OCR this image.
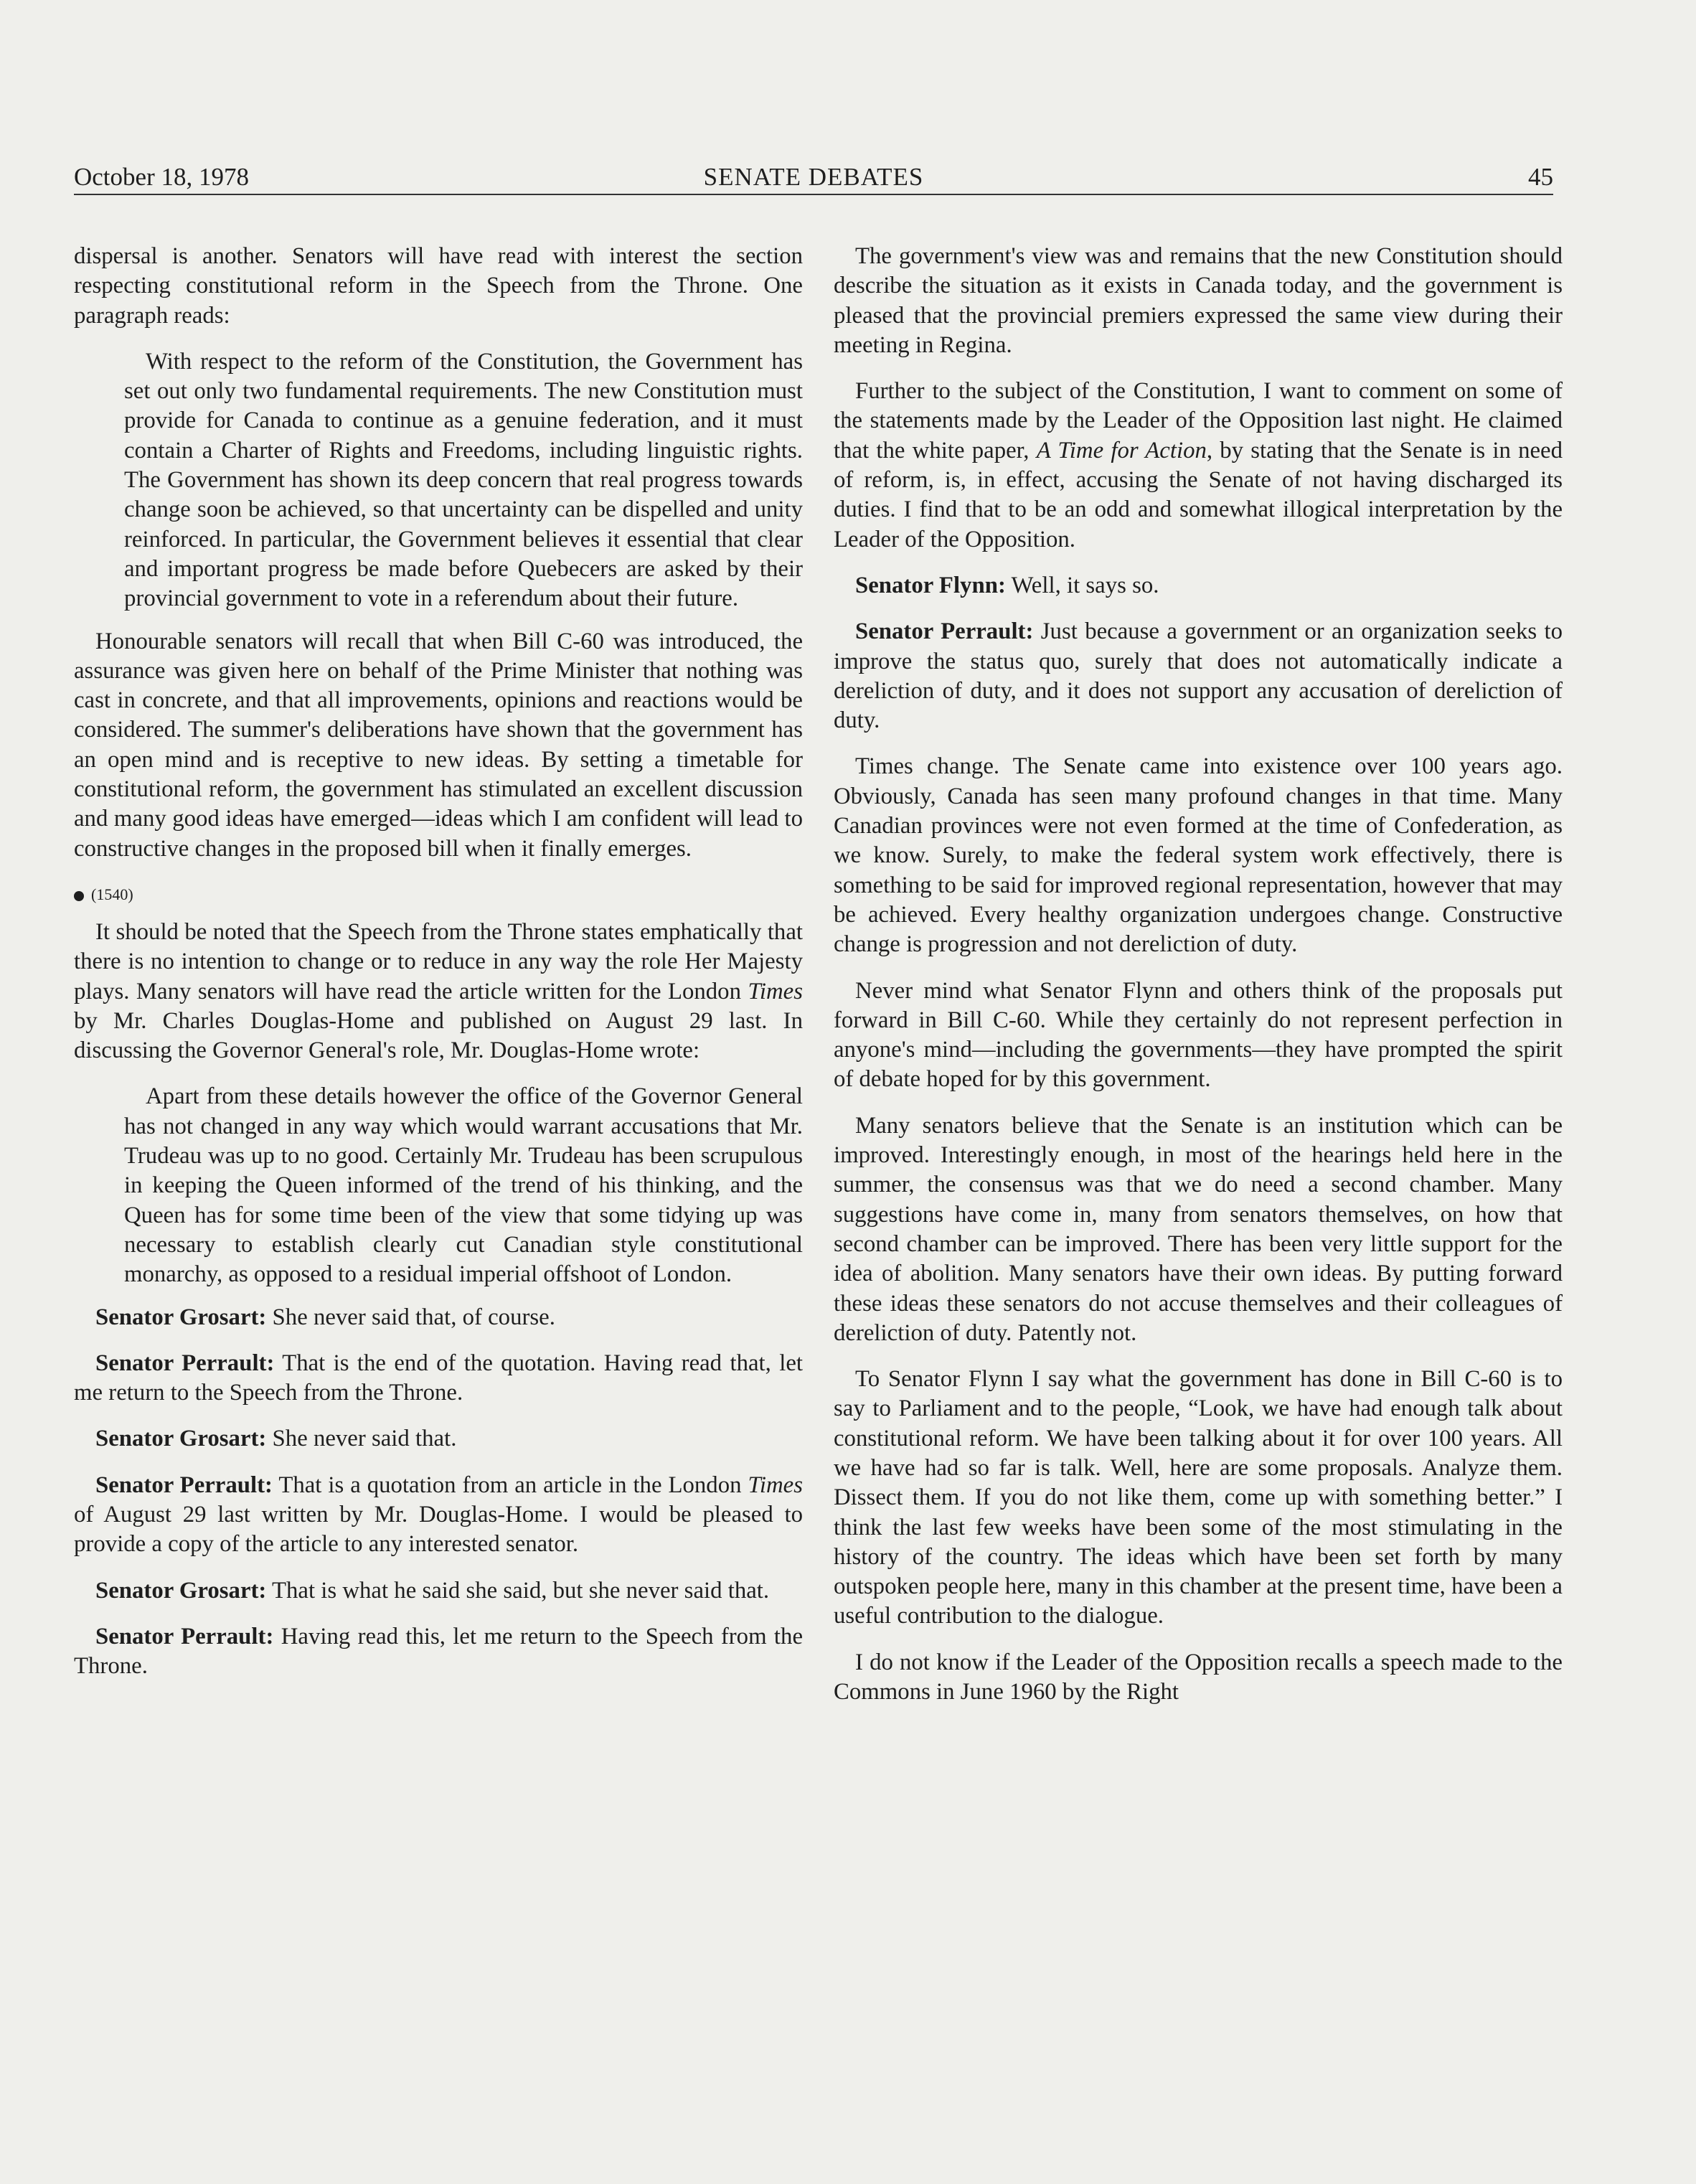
October 18, 1978	SENATE DEBATES	45

dispersal is another. Senators will have read with interest the section respecting constitutional reform in the Speech from the Throne. One paragraph reads:

With respect to the reform of the Constitution, the Government has set out only two fundamental requirements. The new Constitution must provide for Canada to continue as a genuine federation, and it must contain a Charter of Rights and Freedoms, including linguistic rights. The Government has shown its deep concern that real progress towards change soon be achieved, so that uncertainty can be dispelled and unity reinforced. In particular, the Government believes it essential that clear and important progress be made before Quebecers are asked by their provincial government to vote in a referendum about their future.

Honourable senators will recall that when Bill C-60 was introduced, the assurance was given here on behalf of the Prime Minister that nothing was cast in concrete, and that all improvements, opinions and reactions would be considered. The summer's deliberations have shown that the government has an open mind and is receptive to new ideas. By setting a timetable for constitutional reform, the government has stimulated an excellent discussion and many good ideas have emerged—ideas which I am confident will lead to constructive changes in the proposed bill when it finally emerges.

(1540)

It should be noted that the Speech from the Throne states emphatically that there is no intention to change or to reduce in any way the role Her Majesty plays. Many senators will have read the article written for the London Times by Mr. Charles Douglas-Home and published on August 29 last. In discussing the Governor General's role, Mr. Douglas-Home wrote:

Apart from these details however the office of the Governor General has not changed in any way which would warrant accusations that Mr. Trudeau was up to no good. Certainly Mr. Trudeau has been scrupulous in keeping the Queen informed of the trend of his thinking, and the Queen has for some time been of the view that some tidying up was necessary to establish clearly cut Canadian style constitutional monarchy, as opposed to a residual imperial offshoot of London.

Senator Grosart: She never said that, of course.

Senator Perrault: That is the end of the quotation. Having read that, let me return to the Speech from the Throne.

Senator Grosart: She never said that.

Senator Perrault: That is a quotation from an article in the London Times of August 29 last written by Mr. Douglas-Home. I would be pleased to provide a copy of the article to any interested senator.

Senator Grosart: That is what he said she said, but she never said that.

Senator Perrault: Having read this, let me return to the Speech from the Throne.

The government's view was and remains that the new Constitution should describe the situation as it exists in Canada today, and the government is pleased that the provincial premiers expressed the same view during their meeting in Regina.

Further to the subject of the Constitution, I want to comment on some of the statements made by the Leader of the Opposition last night. He claimed that the white paper, A Time for Action, by stating that the Senate is in need of reform, is, in effect, accusing the Senate of not having discharged its duties. I find that to be an odd and somewhat illogical interpretation by the Leader of the Opposition.

Senator Flynn: Well, it says so.

Senator Perrault: Just because a government or an organization seeks to improve the status quo, surely that does not automatically indicate a dereliction of duty, and it does not support any accusation of dereliction of duty.

Times change. The Senate came into existence over 100 years ago. Obviously, Canada has seen many profound changes in that time. Many Canadian provinces were not even formed at the time of Confederation, as we know. Surely, to make the federal system work effectively, there is something to be said for improved regional representation, however that may be achieved. Every healthy organization undergoes change. Constructive change is progression and not dereliction of duty.

Never mind what Senator Flynn and others think of the proposals put forward in Bill C-60. While they certainly do not represent perfection in anyone's mind—including the governments—they have prompted the spirit of debate hoped for by this government.

Many senators believe that the Senate is an institution which can be improved. Interestingly enough, in most of the hearings held here in the summer, the consensus was that we do need a second chamber. Many suggestions have come in, many from senators themselves, on how that second chamber can be improved. There has been very little support for the idea of abolition. Many senators have their own ideas. By putting forward these ideas these senators do not accuse themselves and their colleagues of dereliction of duty. Patently not.

To Senator Flynn I say what the government has done in Bill C-60 is to say to Parliament and to the people, “Look, we have had enough talk about constitutional reform. We have been talking about it for over 100 years. All we have had so far is talk. Well, here are some proposals. Analyze them. Dissect them. If you do not like them, come up with something better.” I think the last few weeks have been some of the most stimulating in the history of the country. The ideas which have been set forth by many outspoken people here, many in this chamber at the present time, have been a useful contribution to the dialogue.

I do not know if the Leader of the Opposition recalls a speech made to the Commons in June 1960 by the Right
